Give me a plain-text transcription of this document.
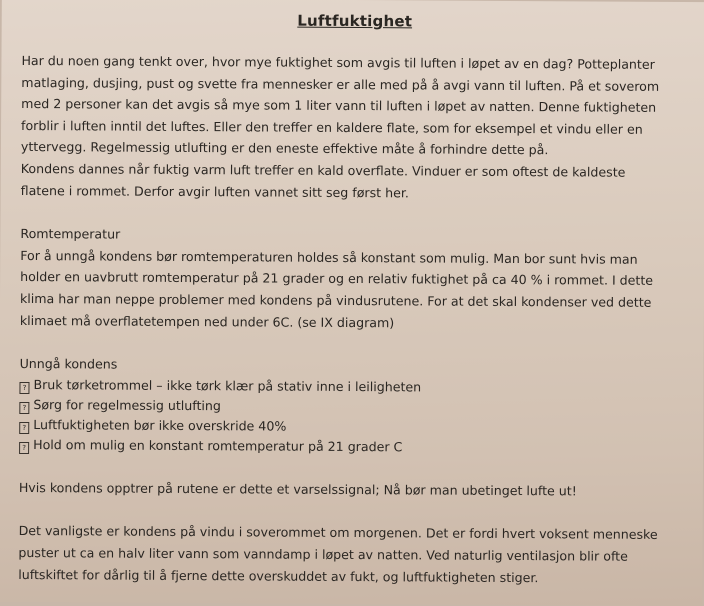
Luftfuktighet
Har du noen gang tenkt over, hvor mye fuktighet som avgis til luften i løpet av en dag? Potteplanter
matlaging, dusjing, pust og svette fra mennesker er alle med på å avgi vann til luften. På et soverom
med 2 personer kan det avgis så mye som 1 liter vann til luften i løpet av natten. Denne fuktigheten
forblir i luften inntil det luftes. Eller den treffer en kaldere flate, som for eksempel et vindu eller en
yttervegg. Regelmessig utlufting er den eneste effektive måte å forhindre dette på.
Kondens dannes når fuktig varm luft treffer en kald overflate. Vinduer er som oftest de kaldeste
flatene i rommet. Derfor avgir luften vannet sitt seg først her.
Romtemperatur
For å unngå kondens bør romtemperaturen holdes så konstant som mulig. Man bor sunt hvis man
holder en uavbrutt romtemperatur på 21 grader og en relativ fuktighet på ca 40 % i rommet. I dette
klima har man neppe problemer med kondens på vindusrutene. For at det skal kondenser ved dette
klimaet må overflatetempen ned under 6C. (se IX diagram)
Unngå kondens
? Bruk tørketrommel – ikke tørk klær på stativ inne i leiligheten
? Sørg for regelmessig utlufting
? Luftfuktigheten bør ikke overskride 40%
? Hold om mulig en konstant romtemperatur på 21 grader C
Hvis kondens opptrer på rutene er dette et varselssignal; Nå bør man ubetinget lufte ut!
Det vanligste er kondens på vindu i soverommet om morgenen. Det er fordi hvert voksent menneske
puster ut ca en halv liter vann som vanndamp i løpet av natten. Ved naturlig ventilasjon blir ofte
luftskiftet for dårlig til å fjerne dette overskuddet av fukt, og luftfuktigheten stiger.
